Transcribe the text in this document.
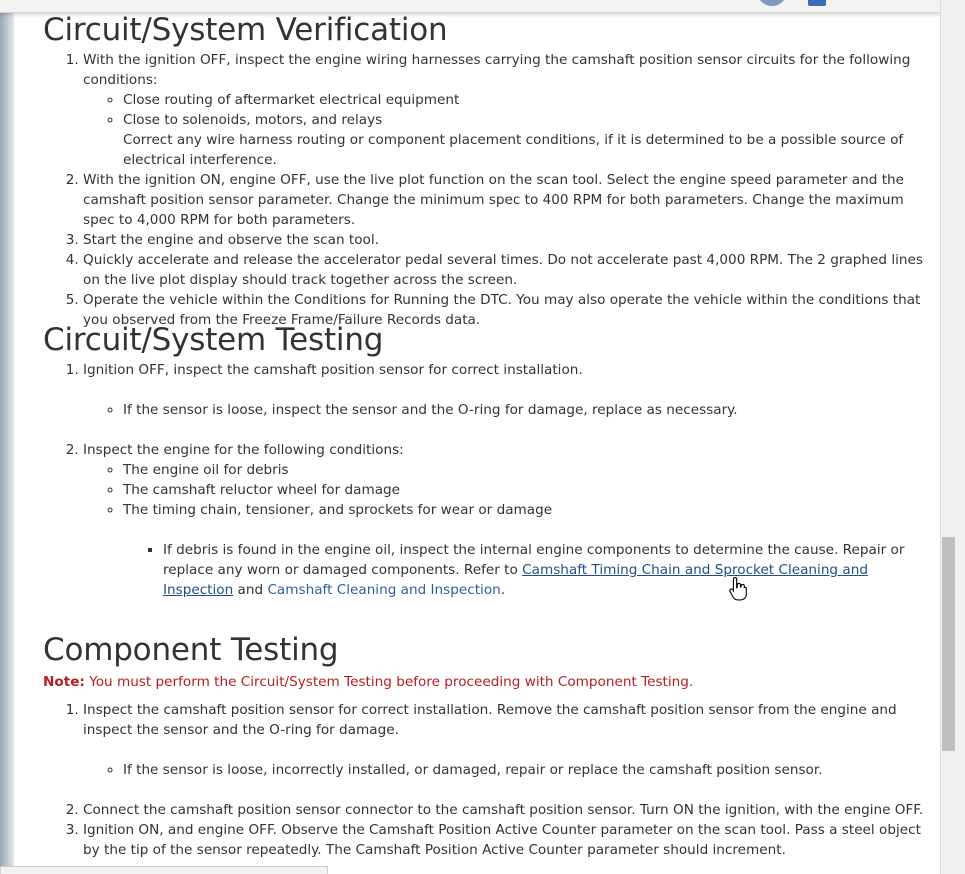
Circuit/System Verification
1. With the ignition OFF, inspect the engine wiring harnesses carrying the camshaft position sensor circuits for the following conditions:
◦ Close routing of aftermarket electrical equipment
◦ Close to solenoids, motors, and relays
Correct any wire harness routing or component placement conditions, if it is determined to be a possible source of electrical interference.
2. With the ignition ON, engine OFF, use the live plot function on the scan tool. Select the engine speed parameter and the camshaft position sensor parameter. Change the minimum spec to 400 RPM for both parameters. Change the maximum spec to 4,000 RPM for both parameters.
3. Start the engine and observe the scan tool.
4. Quickly accelerate and release the accelerator pedal several times. Do not accelerate past 4,000 RPM. The 2 graphed lines on the live plot display should track together across the screen.
5. Operate the vehicle within the Conditions for Running the DTC. You may also operate the vehicle within the conditions that you observed from the Freeze Frame/Failure Records data.
Circuit/System Testing
1. Ignition OFF, inspect the camshaft position sensor for correct installation.
◦ If the sensor is loose, inspect the sensor and the O-ring for damage, replace as necessary.
2. Inspect the engine for the following conditions:
◦ The engine oil for debris
◦ The camshaft reluctor wheel for damage
◦ The timing chain, tensioner, and sprockets for wear or damage
▪ If debris is found in the engine oil, inspect the internal engine components to determine the cause. Repair or replace any worn or damaged components. Refer to Camshaft Timing Chain and Sprocket Cleaning and Inspection and Camshaft Cleaning and Inspection.
Component Testing
Note: You must perform the Circuit/System Testing before proceeding with Component Testing.
1. Inspect the camshaft position sensor for correct installation. Remove the camshaft position sensor from the engine and inspect the sensor and the O-ring for damage.
◦ If the sensor is loose, incorrectly installed, or damaged, repair or replace the camshaft position sensor.
2. Connect the camshaft position sensor connector to the camshaft position sensor. Turn ON the ignition, with the engine OFF.
3. Ignition ON, and engine OFF. Observe the Camshaft Position Active Counter parameter on the scan tool. Pass a steel object by the tip of the sensor repeatedly. The Camshaft Position Active Counter parameter should increment.
